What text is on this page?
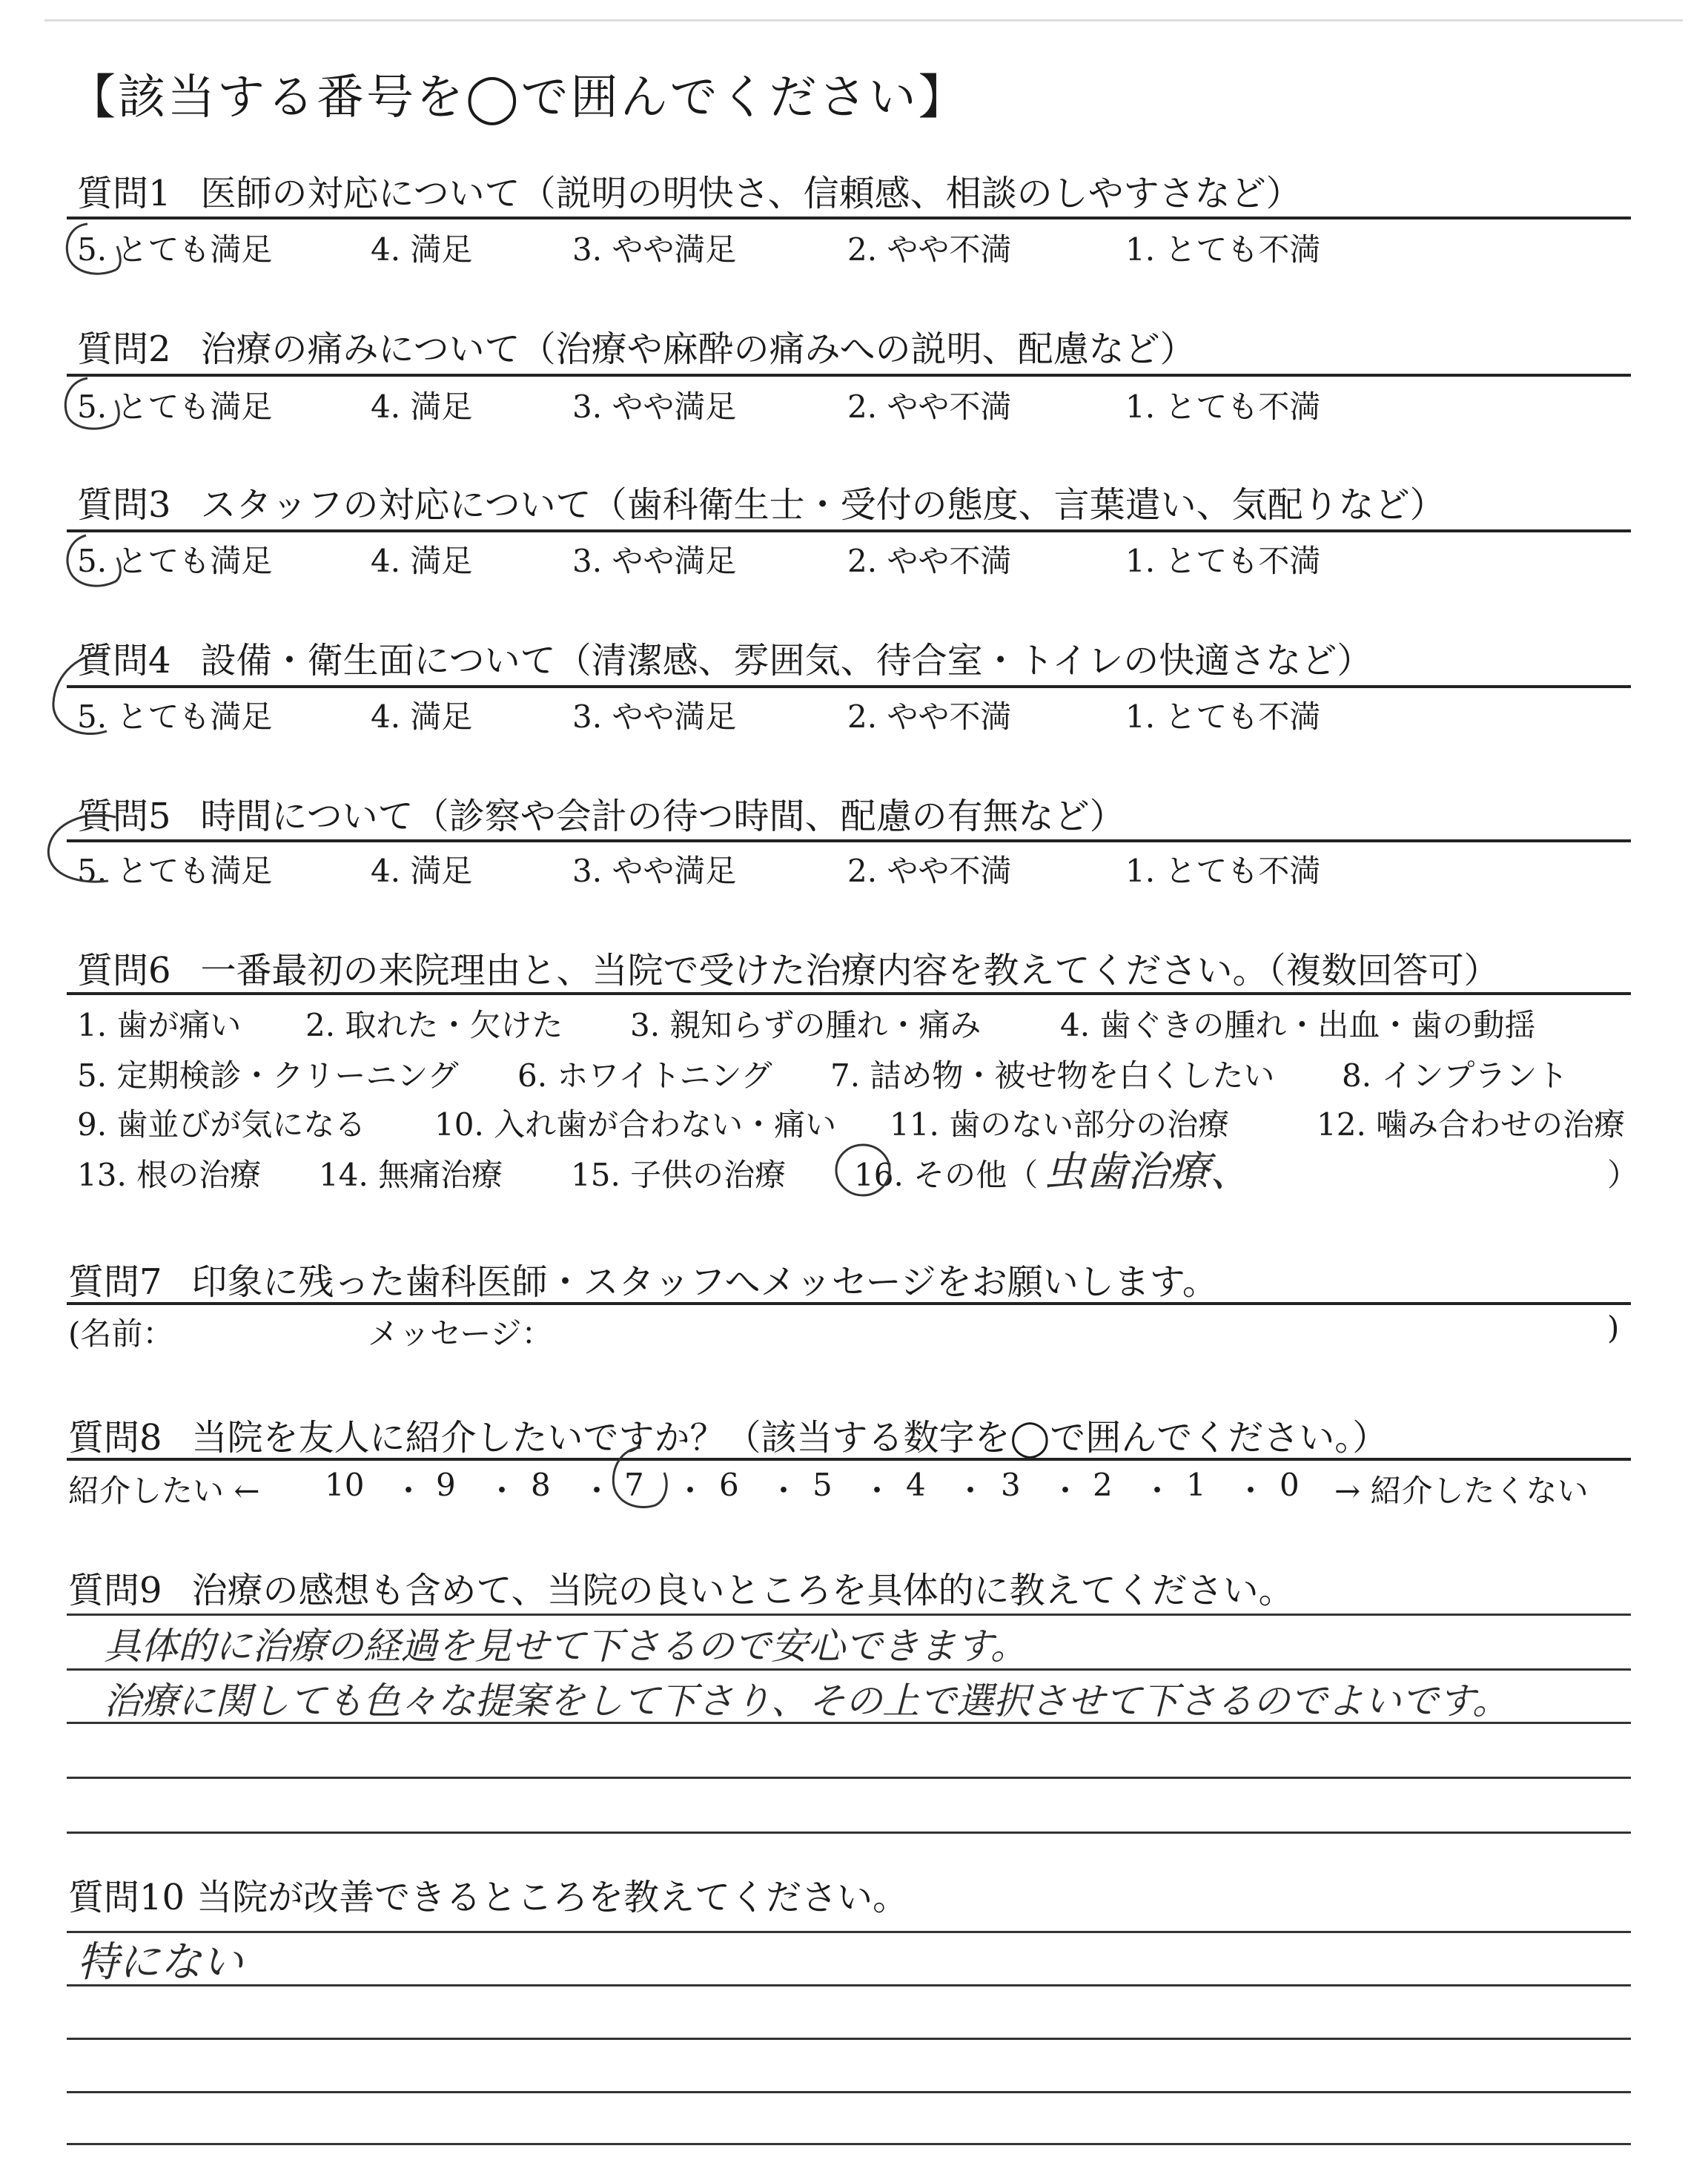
【該当する番号を◯で囲んでください】
質問1 医師の対応について（説明の明快さ、信頼感、相談のしやすさなど）
5. とても満足	4. 満足	3. やや満足	2. やや不満	1. とても不満
質問2 治療の痛みについて（治療や麻酔の痛みへの説明、配慮など）
5. とても満足	4. 満足	3. やや満足	2. やや不満	1. とても不満
質問3 スタッフの対応について（歯科衛生士・受付の態度、言葉遣い、気配りなど）
5. とても満足	4. 満足	3. やや満足	2. やや不満	1. とても不満
質問4 設備・衛生面について（清潔感、雰囲気、待合室・トイレの快適さなど）
5. とても満足	4. 満足	3. やや満足	2. やや不満	1. とても不満
質問5 時間について（診察や会計の待つ時間、配慮の有無など）
5. とても満足	4. 満足	3. やや満足	2. やや不満	1. とても不満
質問6 一番最初の来院理由と、当院で受けた治療内容を教えてください。（複数回答可）
1. 歯が痛い 2. 取れた・欠けた 3. 親知らずの腫れ・痛み	4. 歯ぐきの腫れ・出血・歯の動揺
5. 定期検診・クリーニング 6. ホワイトニング 7. 詰め物・被せ物を白くしたい 8. インプラント
9. 歯並びが気になる 10. 入れ歯が合わない・痛い 11. 歯のない部分の治療	12. 噛み合わせの治療
13. 根の治療 14. 無痛治療 15. 子供の治療 16. その他（	）
虫歯治療、
質問7 印象に残った歯科医師・スタッフへメッセージをお願いします。
(名前：	メッセージ：	)
質問8 当院を友人に紹介したいですか？（該当する数字を◯で囲んでください。）
紹介したい ← 10 ・ 9 ・ 8 ・ 7 ・ 6 ・ 5 ・ 4 ・ 3 ・ 2 ・ 1 ・ 0 → 紹介したくない
質問9 治療の感想も含めて、当院の良いところを具体的に教えてください。
具体的に治療の経過を見せて下さるので安心できます。
治療に関しても色々な提案をして下さり、その上で選択させて下さるのでよいです。
質問10 当院が改善できるところを教えてください。
特にない
